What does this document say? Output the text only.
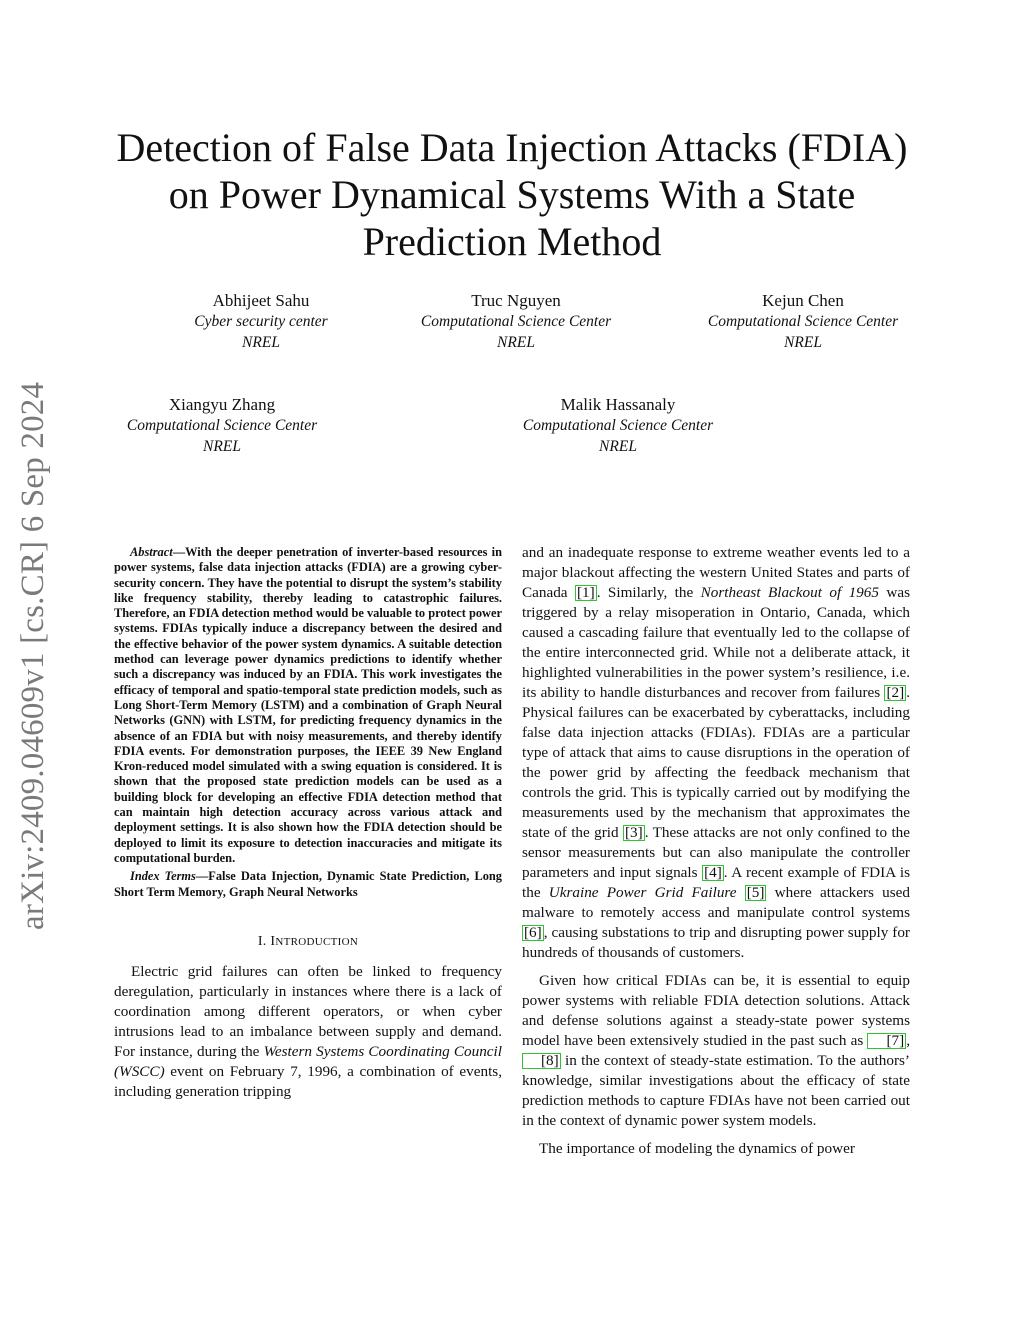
arXiv:2409.04609v1 [cs.CR] 6 Sep 2024
Detection of False Data Injection Attacks (FDIA) on Power Dynamical Systems With a State Prediction Method
Abhijeet Sahu
Cyber security center
NREL
Truc Nguyen
Computational Science Center
NREL
Kejun Chen
Computational Science Center
NREL
Xiangyu Zhang
Computational Science Center
NREL
Malik Hassanaly
Computational Science Center
NREL

Abstract—With the deeper penetration of inverter-based resources in power systems, false data injection attacks (FDIA) are a growing cyber-security concern. They have the potential to disrupt the system’s stability like frequency stability, thereby leading to catastrophic failures. Therefore, an FDIA detection method would be valuable to protect power systems. FDIAs typically induce a discrepancy between the desired and the effective behavior of the power system dynamics. A suitable detection method can leverage power dynamics predictions to identify whether such a discrepancy was induced by an FDIA. This work investigates the efficacy of temporal and spatio-temporal state prediction models, such as Long Short-Term Memory (LSTM) and a combination of Graph Neural Networks (GNN) with LSTM, for predicting frequency dynamics in the absence of an FDIA but with noisy measurements, and thereby identify FDIA events. For demonstration purposes, the IEEE 39 New England Kron-reduced model simulated with a swing equation is considered. It is shown that the proposed state prediction models can be used as a building block for developing an effective FDIA detection method that can maintain high detection accuracy across various attack and deployment settings. It is also shown how the FDIA detection should be deployed to limit its exposure to detection inaccuracies and mitigate its computational burden.

Index Terms—False Data Injection, Dynamic State Prediction, Long Short Term Memory, Graph Neural Networks

I. INTRODUCTION

Electric grid failures can often be linked to frequency deregulation, particularly in instances where there is a lack of coordination among different operators, or when cyber intrusions lead to an imbalance between supply and demand. For instance, during the Western Systems Coordinating Council (WSCC) event on February 7, 1996, a combination of events, including generation tripping

and an inadequate response to extreme weather events led to a major blackout affecting the western United States and parts of Canada [1] . Similarly, the Northeast Blackout of 1965 was triggered by a relay misoperation in Ontario, Canada, which caused a cascading failure that eventually led to the collapse of the entire interconnected grid. While not a deliberate attack, it highlighted vulnerabilities in the power system’s resilience, i.e. its ability to handle disturbances and recover from failures [2] . Physical failures can be exacerbated by cyberattacks, including false data injection attacks (FDIAs). FDIAs are a particular type of attack that aims to cause disruptions in the operation of the power grid by affecting the feedback mechanism that controls the grid. This is typically carried out by modifying the measurements used by the mechanism that approximates the state of the grid [3] . These attacks are not only confined to the sensor measurements but can also manipulate the controller parameters and input signals [4] . A recent example of FDIA is the Ukraine Power Grid Failure [5] where attackers used malware to remotely access and manipulate control systems [6] , causing substations to trip and disrupting power supply for hundreds of thousands of customers.

Given how critical FDIAs can be, it is essential to equip power systems with reliable FDIA detection solutions. Attack and defense solutions against a steady-state power systems model have been extensively studied in the past such as [7] , [8] in the context of steady-state estimation. To the authors’ knowledge, similar investigations about the efficacy of state prediction methods to capture FDIAs have not been carried out in the context of dynamic power system models.

The importance of modeling the dynamics of power
